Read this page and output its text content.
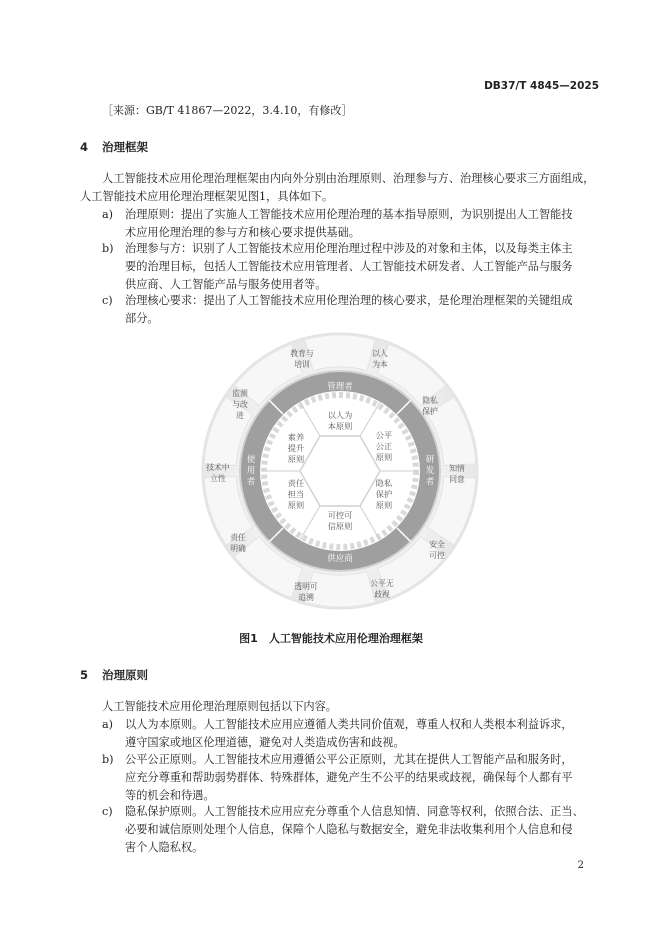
DB37/T 4845—2025
［来源：GB/T 41867—2022，3.4.10，有修改］
4 治理框架
人工智能技术应用伦理治理框架由内向外分别由治理原则、治理参与方、治理核心要求三方面组成，
人工智能技术应用伦理治理框架见图1，具体如下。
a) 治理原则：提出了实施人工智能技术应用伦理治理的基本指导原则，为识别提出人工智能技
术应用伦理治理的参与方和核心要求提供基础。
b) 治理参与方：识别了人工智能技术应用伦理治理过程中涉及的对象和主体，以及每类主体主
要的治理目标，包括人工智能技术应用管理者、人工智能技术研发者、人工智能产品与服务
供应商、人工智能产品与服务使用者等。
c) 治理核心要求：提出了人工智能技术应用伦理治理的核心要求，是伦理治理框架的关键组成
部分。
以人为本原则
公平公正原则
隐私保护原则
可控可信原则
责任担当原则
素养提升原则
管理者
研发者
供应商
使用者
以人为本
隐私保护
知情同意
安全可控
公平无歧视
透明可追溯
责任明确
技术中立性
监测与改进
教育与培训
图1　人工智能技术应用伦理治理框架
5 治理原则
人工智能技术应用伦理治理原则包括以下内容。
a) 以人为本原则。人工智能技术应用应遵循人类共同价值观，尊重人权和人类根本利益诉求，
遵守国家或地区伦理道德，避免对人类造成伤害和歧视。
b) 公平公正原则。人工智能技术应用遵循公平公正原则，尤其在提供人工智能产品和服务时，
应充分尊重和帮助弱势群体、特殊群体，避免产生不公平的结果或歧视，确保每个人都有平
等的机会和待遇。
c) 隐私保护原则。人工智能技术应用应充分尊重个人信息知情、同意等权利，依照合法、正当、
必要和诚信原则处理个人信息，保障个人隐私与数据安全，避免非法收集利用个人信息和侵
害个人隐私权。
2
